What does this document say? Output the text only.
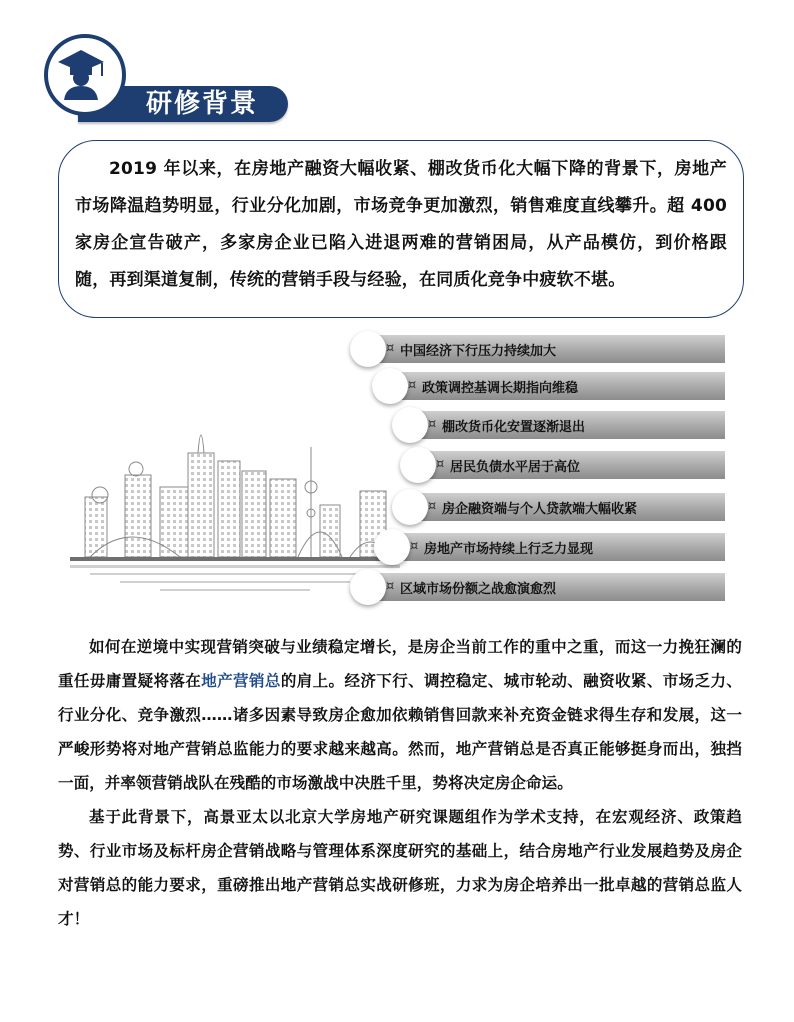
研修背景

2019 年以来，在房地产融资大幅收紧、棚改货币化大幅下降的背景下，房地产市场降温趋势明显，行业分化加剧，市场竞争更加激烈，销售难度直线攀升。超 400 家房企宣告破产，多家房企业已陷入进退两难的营销困局，从产品模仿，到价格跟随，再到渠道复制，传统的营销手段与经验，在同质化竞争中疲软不堪。

¤ 中国经济下行压力持续加大
¤ 政策调控基调长期指向维稳
¤ 棚改货币化安置逐渐退出
¤ 居民负债水平居于高位
¤ 房企融资端与个人贷款端大幅收紧
¤ 房地产市场持续上行乏力显现
¤ 区域市场份额之战愈演愈烈

如何在逆境中实现营销突破与业绩稳定增长，是房企当前工作的重中之重，而这一力挽狂澜的重任毋庸置疑将落在地产营销总的肩上。经济下行、调控稳定、城市轮动、融资收紧、市场乏力、行业分化、竞争激烈……诸多因素导致房企愈加依赖销售回款来补充资金链求得生存和发展，这一严峻形势将对地产营销总监能力的要求越来越高。然而，地产营销总是否真正能够挺身而出，独挡一面，并率领营销战队在残酷的市场激战中决胜千里，势将决定房企命运。

基于此背景下，高景亚太以北京大学房地产研究课题组作为学术支持，在宏观经济、政策趋势、行业市场及标杆房企营销战略与管理体系深度研究的基础上，结合房地产行业发展趋势及房企对营销总的能力要求，重磅推出地产营销总实战研修班，力求为房企培养出一批卓越的营销总监人才！
